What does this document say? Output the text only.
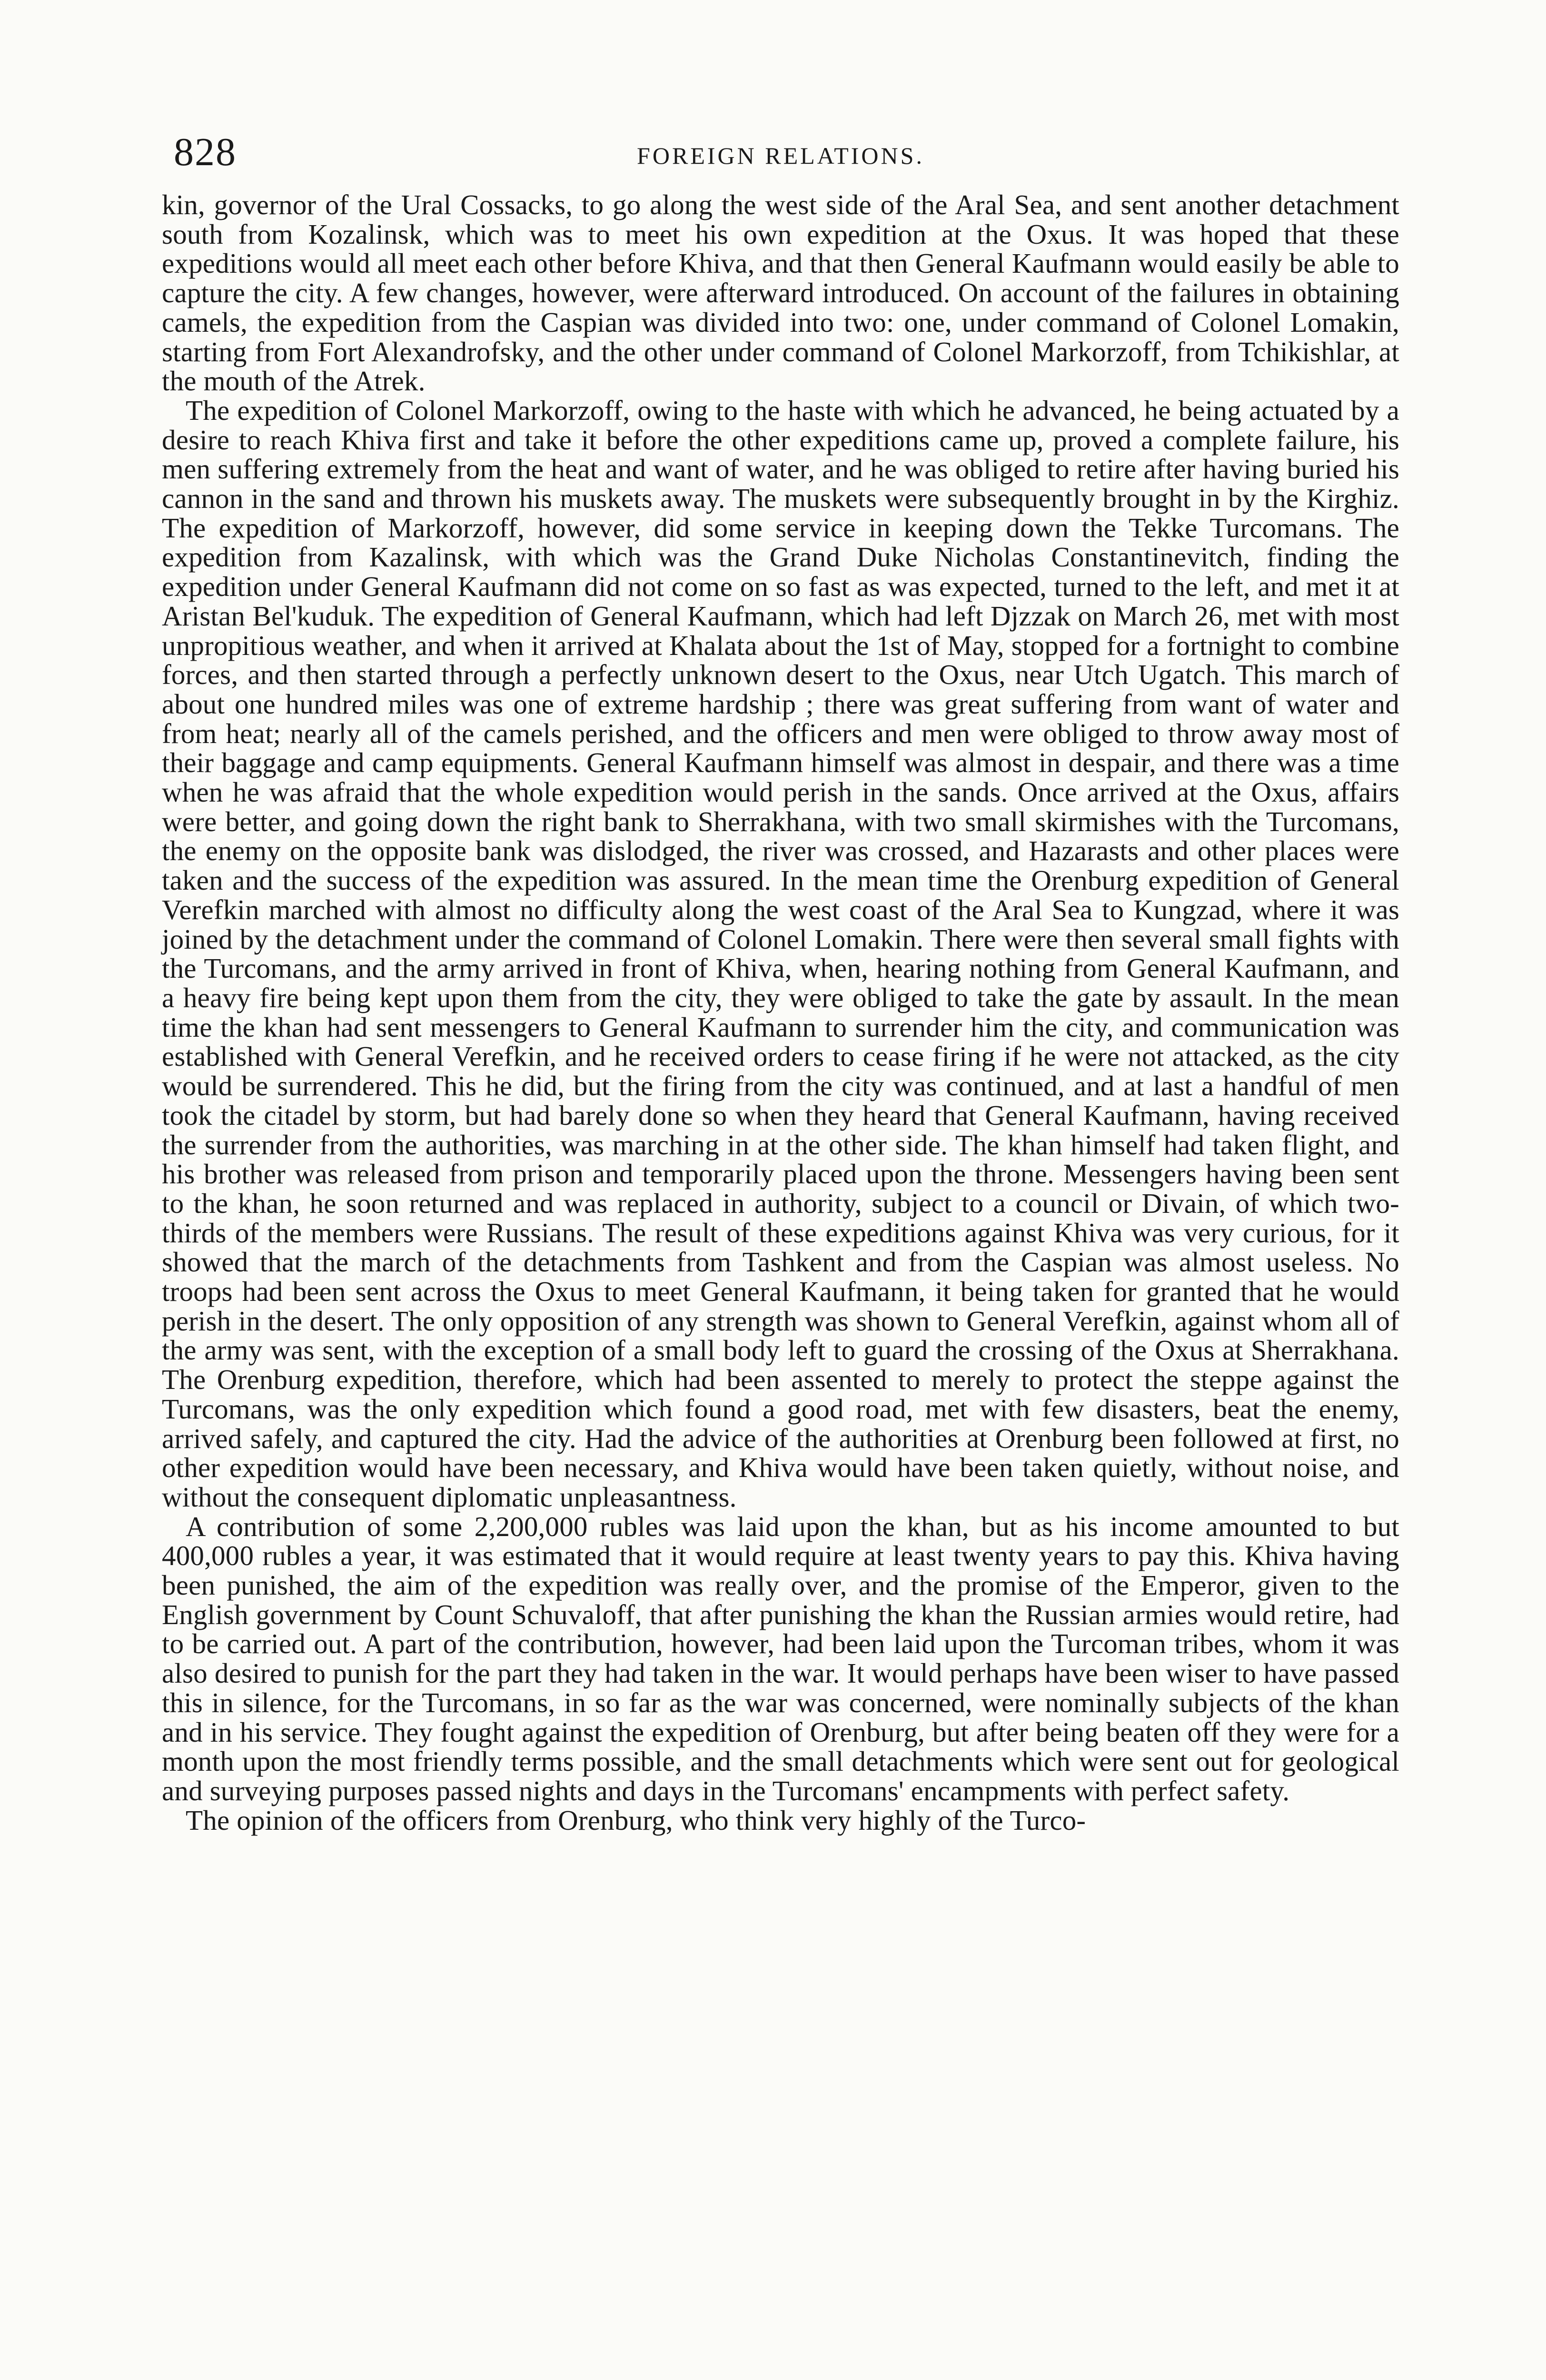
828	FOREIGN RELATIONS.

kin, governor of the Ural Cossacks, to go along the west side of the Aral Sea, and sent another detachment south from Kozalinsk, which was to meet his own expedition at the Oxus. It was hoped that these expeditions would all meet each other before Khiva, and that then General Kaufmann would easily be able to capture the city. A few changes, however, were afterward introduced. On account of the failures in obtaining camels, the expedition from the Caspian was divided into two: one, under command of Colonel Lomakin, starting from Fort Alexandrofsky, and the other under command of Colonel Markorzoff, from Tchikishlar, at the mouth of the Atrek.

The expedition of Colonel Markorzoff, owing to the haste with which he advanced, he being actuated by a desire to reach Khiva first and take it before the other expeditions came up, proved a complete failure, his men suffering extremely from the heat and want of water, and he was obliged to retire after having buried his cannon in the sand and thrown his muskets away. The muskets were subsequently brought in by the Kirghiz. The expedition of Markorzoff, however, did some service in keeping down the Tekke Turcomans. The expedition from Kazalinsk, with which was the Grand Duke Nicholas Constantinevitch, finding the expedition under General Kaufmann did not come on so fast as was expected, turned to the left, and met it at Aristan Bel'kuduk. The expedition of General Kaufmann, which had left Djzzak on March 26, met with most unpropitious weather, and when it arrived at Khalata about the 1st of May, stopped for a fortnight to combine forces, and then started through a perfectly unknown desert to the Oxus, near Utch Ugatch. This march of about one hundred miles was one of extreme hardship ; there was great suffering from want of water and from heat; nearly all of the camels perished, and the officers and men were obliged to throw away most of their baggage and camp equipments. General Kaufmann himself was almost in despair, and there was a time when he was afraid that the whole expedition would perish in the sands. Once arrived at the Oxus, affairs were better, and going down the right bank to Sherrakhana, with two small skirmishes with the Turcomans, the enemy on the opposite bank was dislodged, the river was crossed, and Hazarasts and other places were taken and the success of the expedition was assured. In the mean time the Orenburg expedition of General Verefkin marched with almost no difficulty along the west coast of the Aral Sea to Kungzad, where it was joined by the detachment under the command of Colonel Lomakin. There were then several small fights with the Turcomans, and the army arrived in front of Khiva, when, hearing nothing from General Kaufmann, and a heavy fire being kept upon them from the city, they were obliged to take the gate by assault. In the mean time the khan had sent messengers to General Kaufmann to surrender him the city, and communication was established with General Verefkin, and he received orders to cease firing if he were not attacked, as the city would be surrendered. This he did, but the firing from the city was continued, and at last a handful of men took the citadel by storm, but had barely done so when they heard that General Kaufmann, having received the surrender from the authorities, was marching in at the other side. The khan himself had taken flight, and his brother was released from prison and temporarily placed upon the throne. Messengers having been sent to the khan, he soon returned and was replaced in authority, subject to a council or Divain, of which two-thirds of the members were Russians. The result of these expeditions against Khiva was very curious, for it showed that the march of the detachments from Tashkent and from the Caspian was almost useless. No troops had been sent across the Oxus to meet General Kaufmann, it being taken for granted that he would perish in the desert. The only opposition of any strength was shown to General Verefkin, against whom all of the army was sent, with the exception of a small body left to guard the crossing of the Oxus at Sherrakhana. The Orenburg expedition, therefore, which had been assented to merely to protect the steppe against the Turcomans, was the only expedition which found a good road, met with few disasters, beat the enemy, arrived safely, and captured the city. Had the advice of the authorities at Orenburg been followed at first, no other expedition would have been necessary, and Khiva would have been taken quietly, without noise, and without the consequent diplomatic unpleasantness.

A contribution of some 2,200,000 rubles was laid upon the khan, but as his income amounted to but 400,000 rubles a year, it was estimated that it would require at least twenty years to pay this. Khiva having been punished, the aim of the expedition was really over, and the promise of the Emperor, given to the English government by Count Schuvaloff, that after punishing the khan the Russian armies would retire, had to be carried out. A part of the contribution, however, had been laid upon the Turcoman tribes, whom it was also desired to punish for the part they had taken in the war. It would perhaps have been wiser to have passed this in silence, for the Turcomans, in so far as the war was concerned, were nominally subjects of the khan and in his service. They fought against the expedition of Orenburg, but after being beaten off they were for a month upon the most friendly terms possible, and the small detachments which were sent out for geological and surveying purposes passed nights and days in the Turcomans' encampments with perfect safety.

The opinion of the officers from Orenburg, who think very highly of the Turco-
